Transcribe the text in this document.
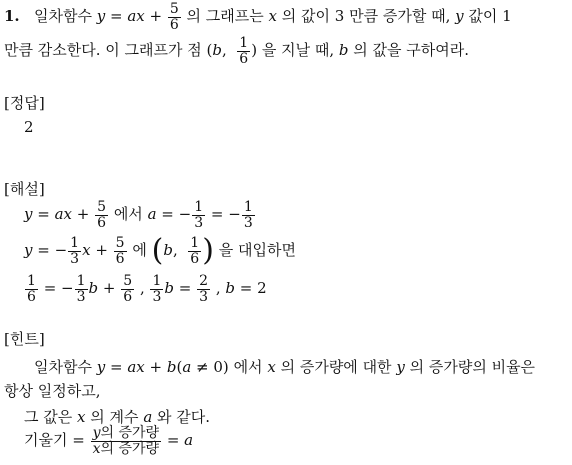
1. 일차함수 y = ax + $\frac{5}{6}$ 의 그래프는 x 의 값이 3 만큼 증가할 때, y 값이 1
만큼 감소한다. 이 그래프가 점 (b, $\frac{1}{6}$ ) 을 지날 때, b 의 값을 구하여라.
[정답]
2
[해설]
y = ax + $\frac{5}{6}$ 에서 a = − $\frac{1}{3}$ = − $\frac{1}{3}$
y = − $\frac{1}{3}$ $x + \frac{5}{6}$ 에 (b, $\frac{1}{6}$ ) 을 대입하면
$\frac{1}{6}$ = − $\frac{1}{3}$ $b + \frac{5}{6}$ , $\frac{1}{3}$ $b = \frac{2}{3}$ , b = 2
[힌트]
일차함수 y = ax + b(a ≠ 0) 에서 x 의 증가량에 대한 y 의 증가량의 비율은
항상 일정하고,
그 값은 x 의 계수 a 와 같다.
기울기 = $\frac{\text{y의 증가량}}{\text{x의 증가량}} = a$
